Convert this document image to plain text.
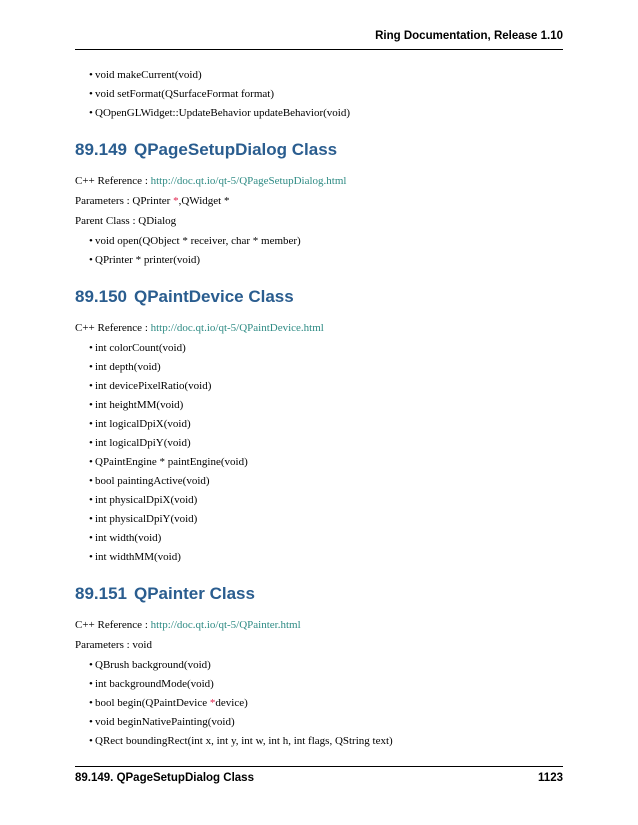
Ring Documentation, Release 1.10
• void makeCurrent(void)
• void setFormat(QSurfaceFormat format)
• QOpenGLWidget::UpdateBehavior updateBehavior(void)
89.149 QPageSetupDialog Class

C++ Reference : http://doc.qt.io/qt-5/QPageSetupDialog.html

Parameters : QPrinter *,QWidget *

Parent Class : QDialog

• void open(QObject * receiver, char * member)
• QPrinter * printer(void)
89.150 QPaintDevice Class

C++ Reference : http://doc.qt.io/qt-5/QPaintDevice.html

• int colorCount(void)
• int depth(void)
• int devicePixelRatio(void)
• int heightMM(void)
• int logicalDpiX(void)
• int logicalDpiY(void)
• QPaintEngine * paintEngine(void)
• bool paintingActive(void)
• int physicalDpiX(void)
• int physicalDpiY(void)
• int width(void)
• int widthMM(void)
89.151 QPainter Class

C++ Reference : http://doc.qt.io/qt-5/QPainter.html

Parameters : void

• QBrush background(void)
• int backgroundMode(void)
• bool begin(QPaintDevice *device)
• void beginNativePainting(void)
• QRect boundingRect(int x, int y, int w, int h, int flags, QString text)
89.149. QPageSetupDialog Class	1123
